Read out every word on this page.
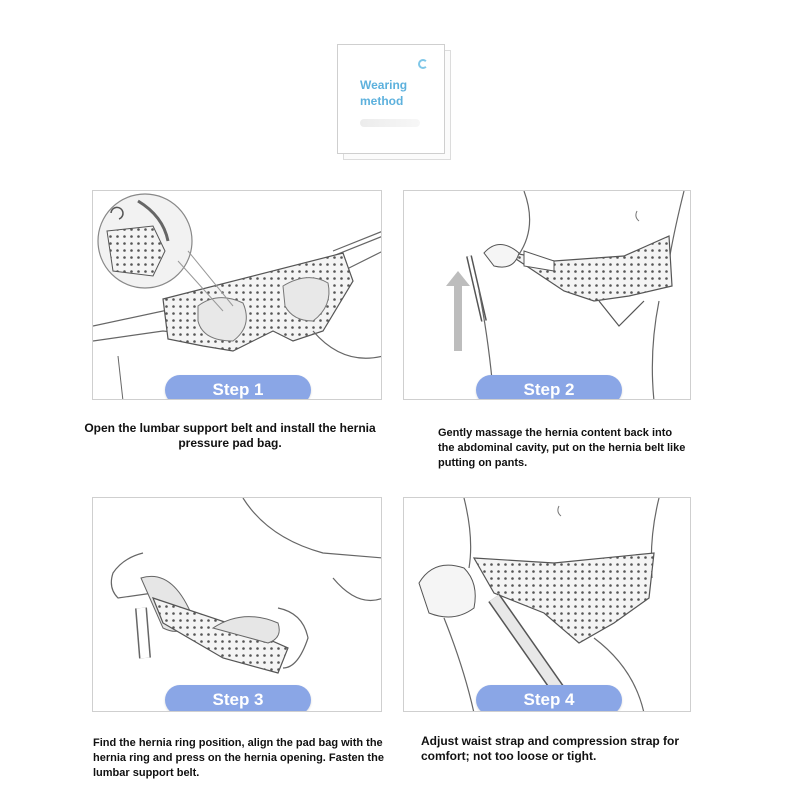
Wearing method
Step 1
Open the lumbar support belt and install the hernia pressure pad bag.
Step 2
Gently massage the hernia content back into the abdominal cavity, put on the hernia belt like putting on pants.
Step 3
Find the hernia ring position, align the pad bag with the hernia ring and press on the hernia opening. Fasten the lumbar support belt.
Step 4
Adjust waist strap and compression strap for comfort; not too loose or tight.
